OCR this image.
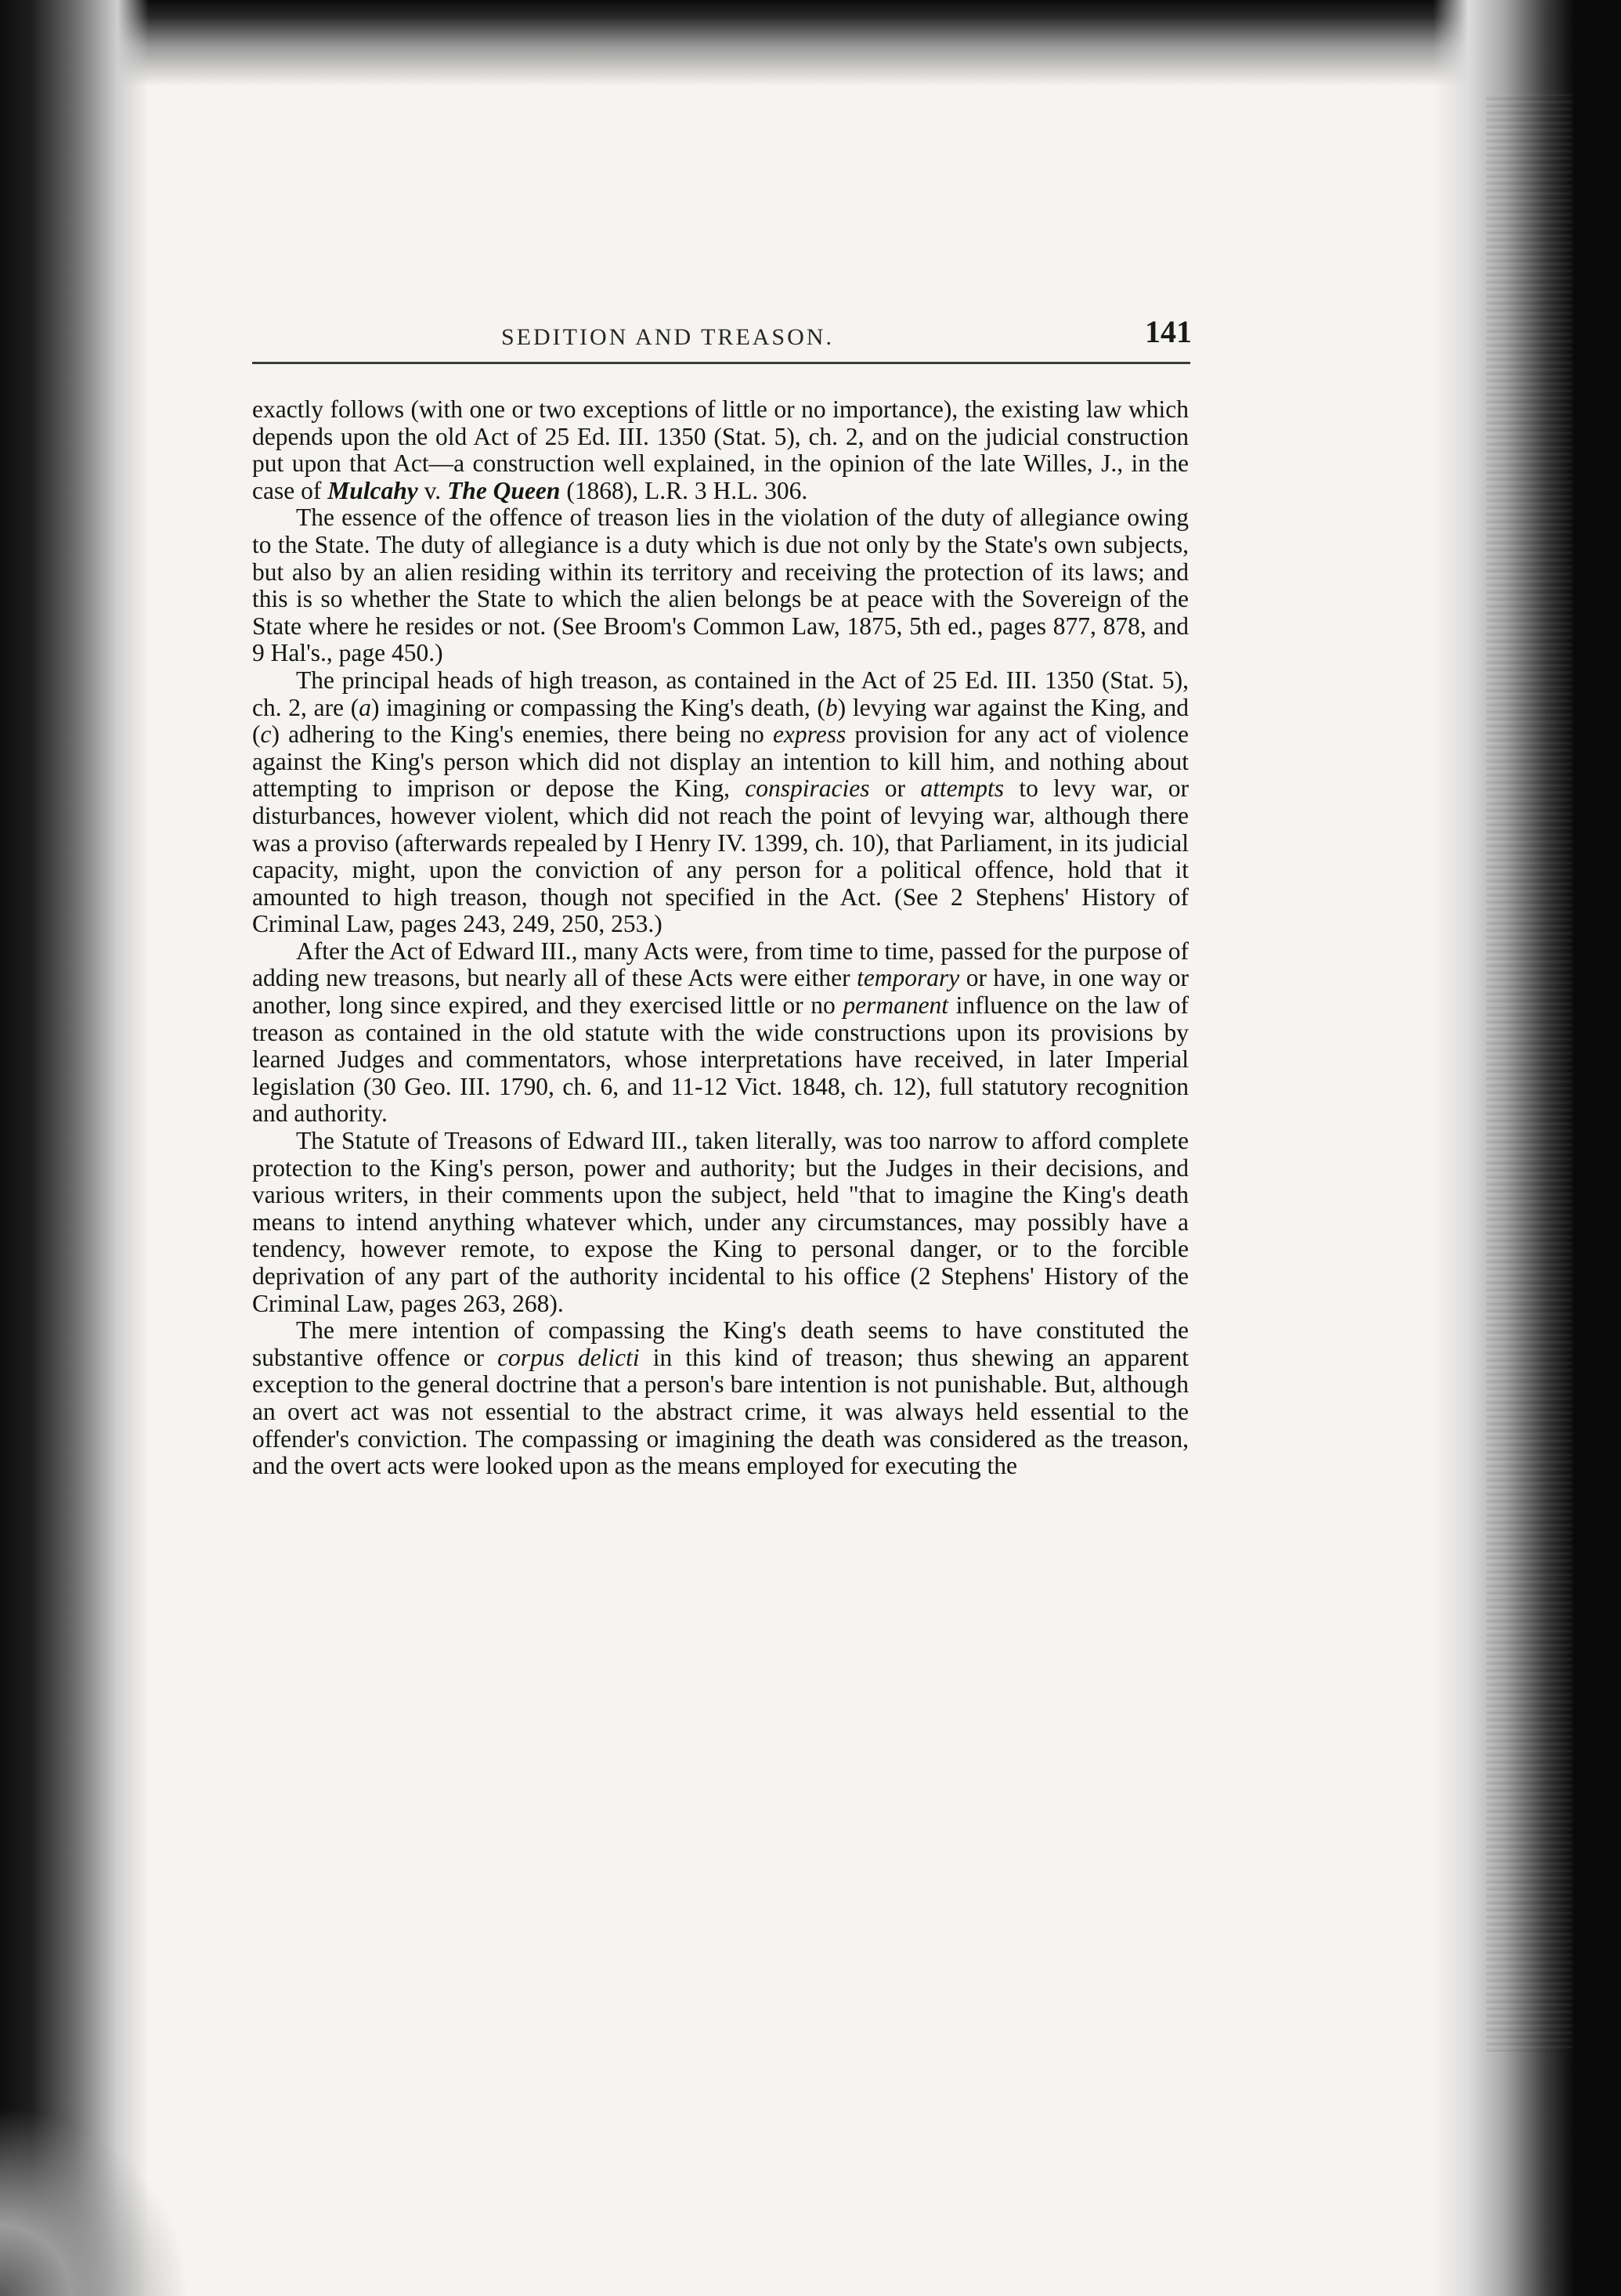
SEDITION AND TREASON.	141

exactly follows (with one or two exceptions of little or no importance), the existing law which depends upon the old Act of 25 Ed. III. 1350 (Stat. 5), ch. 2, and on the judicial construction put upon that Act—a construction well explained, in the opinion of the late Willes, J., in the case of Mulcahy v. The Queen (1868), L.R. 3 H.L. 306.

The essence of the offence of treason lies in the violation of the duty of allegiance owing to the State. The duty of allegiance is a duty which is due not only by the State's own subjects, but also by an alien residing within its territory and receiving the protection of its laws; and this is so whether the State to which the alien belongs be at peace with the Sovereign of the State where he resides or not. (See Broom's Common Law, 1875, 5th ed., pages 877, 878, and 9 Hal's., page 450.)

The principal heads of high treason, as contained in the Act of 25 Ed. III. 1350 (Stat. 5), ch. 2, are (a) imagining or compassing the King's death, (b) levying war against the King, and (c) adhering to the King's enemies, there being no express provision for any act of violence against the King's person which did not display an intention to kill him, and nothing about attempting to imprison or depose the King, conspiracies or attempts to levy war, or disturbances, however violent, which did not reach the point of levying war, although there was a proviso (afterwards repealed by I Henry IV. 1399, ch. 10), that Parliament, in its judicial capacity, might, upon the conviction of any person for a political offence, hold that it amounted to high treason, though not specified in the Act. (See 2 Stephens' History of Criminal Law, pages 243, 249, 250, 253.)

After the Act of Edward III., many Acts were, from time to time, passed for the purpose of adding new treasons, but nearly all of these Acts were either temporary or have, in one way or another, long since expired, and they exercised little or no permanent influence on the law of treason as contained in the old statute with the wide constructions upon its provisions by learned Judges and commentators, whose interpretations have received, in later Imperial legislation (30 Geo. III. 1790, ch. 6, and 11-12 Vict. 1848, ch. 12), full statutory recognition and authority.

The Statute of Treasons of Edward III., taken literally, was too narrow to afford complete protection to the King's person, power and authority; but the Judges in their decisions, and various writers, in their comments upon the subject, held "that to imagine the King's death means to intend anything whatever which, under any circumstances, may possibly have a tendency, however remote, to expose the King to personal danger, or to the forcible deprivation of any part of the authority incidental to his office (2 Stephens' History of the Criminal Law, pages 263, 268).

The mere intention of compassing the King's death seems to have constituted the substantive offence or corpus delicti in this kind of treason; thus shewing an apparent exception to the general doctrine that a person's bare intention is not punishable. But, although an overt act was not essential to the abstract crime, it was always held essential to the offender's conviction. The compassing or imagining the death was considered as the treason, and the overt acts were looked upon as the means employed for executing the
